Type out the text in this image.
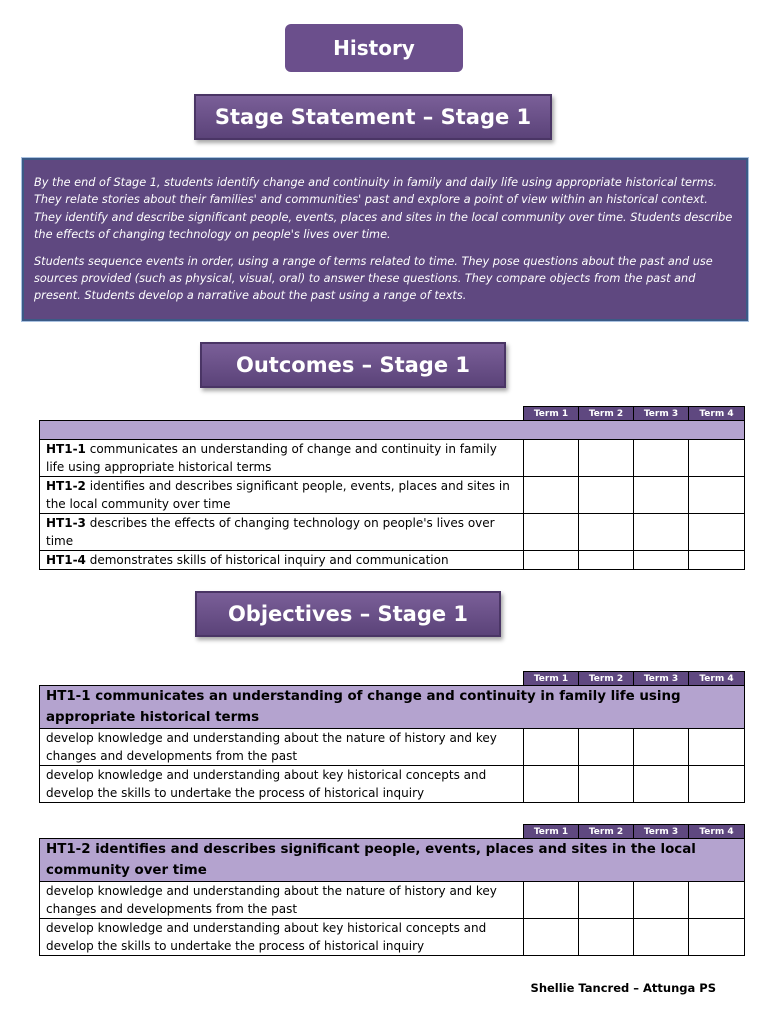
History
Stage Statement – Stage 1

By the end of Stage 1, students identify change and continuity in family and daily life using appropriate historical terms. They relate stories about their families' and communities' past and explore a point of view within an historical context. They identify and describe significant people, events, places and sites in the local community over time. Students describe the effects of changing technology on people's lives over time.

Students sequence events in order, using a range of terms related to time. They pose questions about the past and use sources provided (such as physical, visual, oral) to answer these questions. They compare objects from the past and present. Students develop a narrative about the past using a range of texts.

Outcomes – Stage 1
	Term 1	Term 2	Term 3	Term 4

HT1-1 communicates an understanding of change and continuity in family life using appropriate historical terms				
HT1-2 identifies and describes significant people, events, places and sites in the local community over time				
HT1-3 describes the effects of changing technology on people's lives over time				
HT1-4 demonstrates skills of historical inquiry and communication				
Objectives – Stage 1
	Term 1	Term 2	Term 3	Term 4
HT1-1 communicates an understanding of change and continuity in family life using appropriate historical terms				
develop knowledge and understanding about the nature of history and key changes and developments from the past				
develop knowledge and understanding about key historical concepts and develop the skills to undertake the process of historical inquiry				
	Term 1	Term 2	Term 3	Term 4
HT1-2 identifies and describes significant people, events, places and sites in the local community over time				
develop knowledge and understanding about the nature of history and key changes and developments from the past				
develop knowledge and understanding about key historical concepts and develop the skills to undertake the process of historical inquiry				
Shellie Tancred – Attunga PS
